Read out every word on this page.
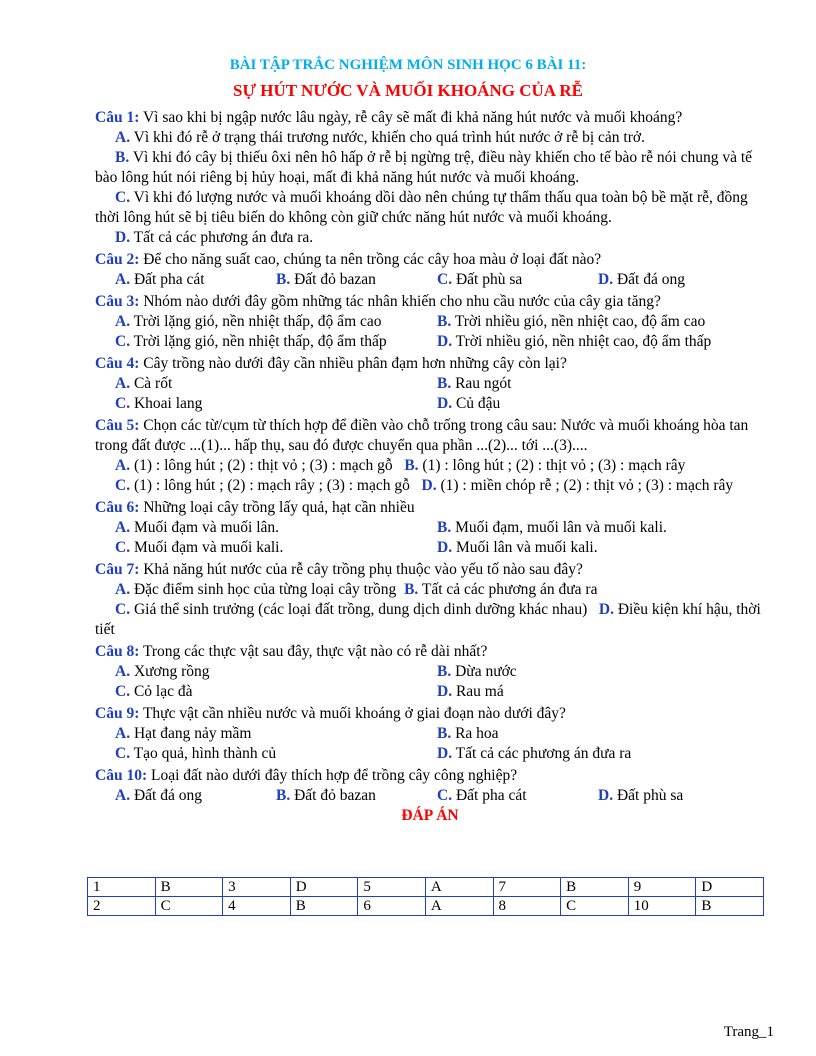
BÀI TẬP TRẮC NGHIỆM MÔN SINH HỌC 6 BÀI 11:
SỰ HÚT NƯỚC VÀ MUỐI KHOÁNG CỦA RỄ

Câu 1: Vì sao khi bị ngập nước lâu ngày, rễ cây sẽ mất đi khả năng hút nước và muối khoáng?

A. Vì khi đó rễ ở trạng thái trương nước, khiến cho quá trình hút nước ở rễ bị cản trở.

B. Vì khi đó cây bị thiếu ôxi nên hô hấp ở rễ bị ngừng trệ, điều này khiến cho tế bào rễ nói chung và tế bào lông hút nói riêng bị hủy hoại, mất đi khả năng hút nước và muối khoáng.

C. Vì khi đó lượng nước và muối khoáng dồi dào nên chúng tự thẩm thấu qua toàn bộ bề mặt rễ, đồng thời lông hút sẽ bị tiêu biến do không còn giữ chức năng hút nước và muối khoáng.

D. Tất cả các phương án đưa ra.

Câu 2: Để cho năng suất cao, chúng ta nên trồng các cây hoa màu ở loại đất nào?

A. Đất pha cát	B. Đất đỏ bazan	C. Đất phù sa	D. Đất đá ong

Câu 3: Nhóm nào dưới đây gồm những tác nhân khiến cho nhu cầu nước của cây gia tăng?

A. Trời lặng gió, nền nhiệt thấp, độ ẩm cao	B. Trời nhiều gió, nền nhiệt cao, độ ẩm cao
C. Trời lặng gió, nền nhiệt thấp, độ ẩm thấp	D. Trời nhiều gió, nền nhiệt cao, độ ẩm thấp

Câu 4: Cây trồng nào dưới đây cần nhiều phân đạm hơn những cây còn lại?

A. Cà rốt	B. Rau ngót
C. Khoai lang	D. Củ đậu

Câu 5: Chọn các từ/cụm từ thích hợp để điền vào chỗ trống trong câu sau: Nước và muối khoáng hòa tan trong đất được ...(1)... hấp thụ, sau đó được chuyển qua phần ...(2)... tới ...(3)....

A. (1) : lông hút ; (2) : thịt vỏ ; (3) : mạch gỗ B. (1) : lông hút ; (2) : thịt vỏ ; (3) : mạch rây

C. (1) : lông hút ; (2) : mạch rây ; (3) : mạch gỗ D. (1) : miền chóp rễ ; (2) : thịt vỏ ; (3) : mạch rây

Câu 6: Những loại cây trồng lấy quả, hạt cần nhiều

A. Muối đạm và muối lân.	B. Muối đạm, muối lân và muối kali.
C. Muối đạm và muối kali.	D. Muối lân và muối kali.

Câu 7: Khả năng hút nước của rễ cây trồng phụ thuộc vào yếu tố nào sau đây?

A. Đặc điểm sinh học của từng loại cây trồng B. Tất cả các phương án đưa ra

C. Giá thể sinh trưởng (các loại đất trồng, dung dịch dinh dưỡng khác nhau) D. Điều kiện khí hậu, thời tiết

Câu 8: Trong các thực vật sau đây, thực vật nào có rễ dài nhất?

A. Xương rồng	B. Dừa nước
C. Cỏ lạc đà	D. Rau má

Câu 9: Thực vật cần nhiều nước và muối khoáng ở giai đoạn nào dưới đây?

A. Hạt đang nảy mầm	B. Ra hoa
C. Tạo quả, hình thành củ	D. Tất cả các phương án đưa ra

Câu 10: Loại đất nào dưới đây thích hợp để trồng cây công nghiệp?

A. Đất đá ong	B. Đất đỏ bazan	C. Đất pha cát	D. Đất phù sa
ĐÁP ÁN
1	B	3	D	5	A	7	B	9	D
2	C	4	B	6	A	8	C	10	B
Trang_1
